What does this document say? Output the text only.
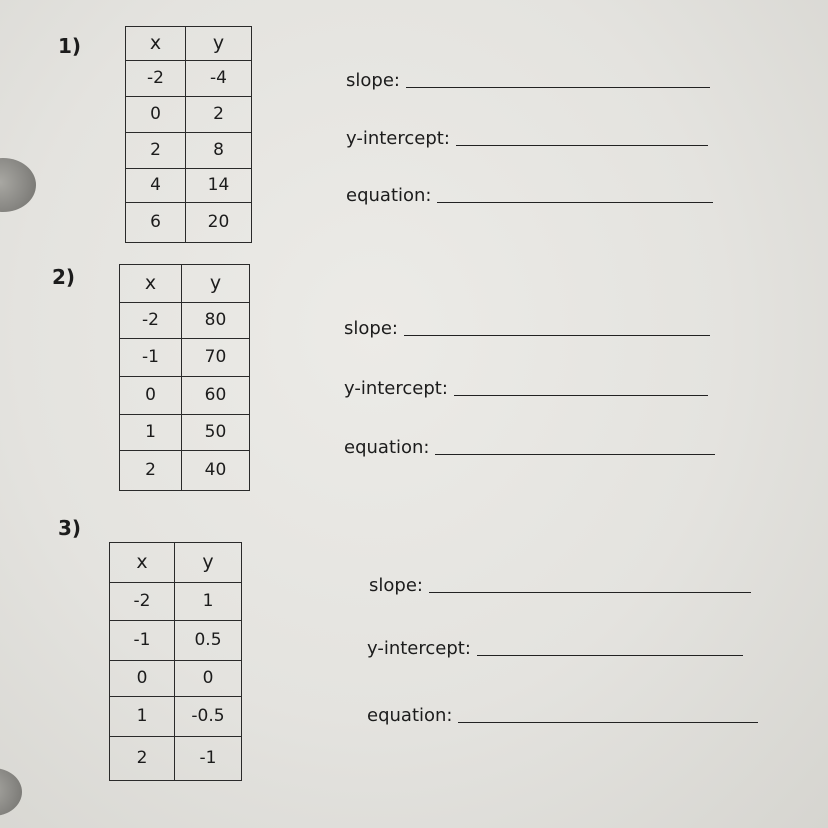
1)	x	y
-2	-4
0	2
2	8
4	14
6	20
slope:
y-intercept:
equation:
2)	x	y
-2	80
-1	70
0	60
1	50
2	40
slope:
y-intercept:
equation:
3)
x	y
-2	1
-1	0.5
0	0
1	-0.5
2	-1
slope:
y-intercept:
equation:
